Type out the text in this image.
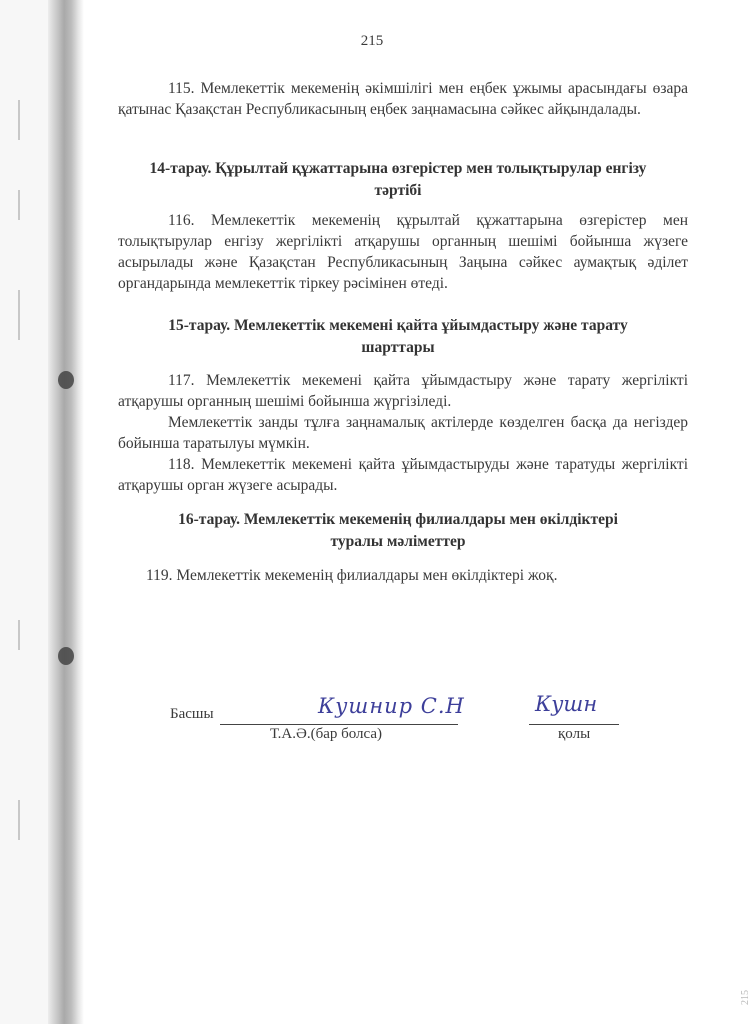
215
115. Мемлекеттік мекеменің әкімшілігі мен еңбек ұжымы арасындағы өзара қатынас Қазақстан Республикасының еңбек заңнамасына сәйкес айқындалады.
14-тарау. Құрылтай құжаттарына өзгерістер мен толықтырулар енгізу
тәртібі
116. Мемлекеттік мекеменің құрылтай құжаттарына өзгерістер мен толықтырулар енгізу жергілікті атқарушы органның шешімі бойынша жүзеге асырылады және Қазақстан Республикасының Заңына сәйкес аумақтық әділет органдарында мемлекеттік тіркеу рәсімінен өтеді.
15-тарау. Мемлекеттік мекемені қайта ұйымдастыру және тарату
шарттары
117. Мемлекеттік мекемені қайта ұйымдастыру және тарату жергілікті атқарушы органның шешімі бойынша жүргізіледі.
Мемлекеттік занды тұлға заңнамалық актілерде көзделген басқа да негіздер бойынша таратылуы мүмкін.
118. Мемлекеттік мекемені қайта ұйымдастыруды және таратуды жергілікті атқарушы орган жүзеге асырады.
16-тарау. Мемлекеттік мекеменің филиалдары мен өкілдіктері
туралы мәліметтер
119. Мемлекеттік мекеменің филиалдары мен өкілдіктері жоқ.
Басшы	Кушнир С.Н
Т.А.Ә.(бар болса)
Кушн
қолы
215
